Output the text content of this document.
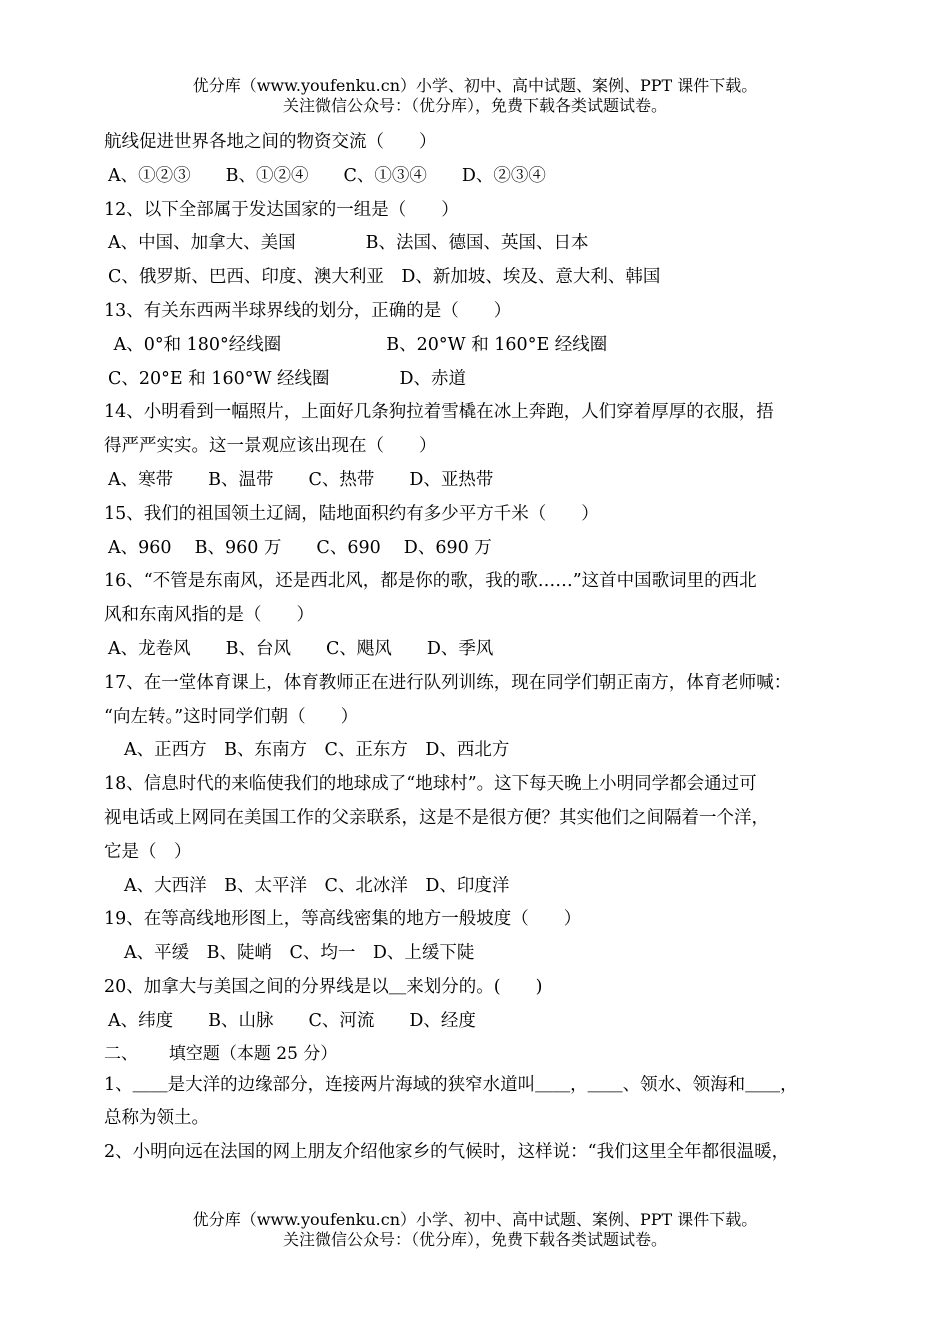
优分库（www.youfenku.cn）小学、初中、高中试题、案例、PPT 课件下载。
关注微信公众号：（优分库），免费下载各类试题试卷。
航线促进世界各地之间的物资交流（　　）
A、①②③　　B、①②④　　C、①③④　　D、②③④
12、以下全部属于发达国家的一组是（　　）
A、中国、加拿大、美国　　　　B、法国、德国、英国、日本
C、俄罗斯、巴西、印度、澳大利亚　D、新加坡、埃及、意大利、韩国
13、有关东西两半球界线的划分，正确的是（　　）
A、0°和 180°经线圈　　　　　　B、20°W 和 160°E 经线圈
C、20°E 和 160°W 经线圈　　　　D、赤道
14、小明看到一幅照片，上面好几条狗拉着雪橇在冰上奔跑，人们穿着厚厚的衣服，捂
得严严实实。这一景观应该出现在（　　）
A、寒带　　B、温带　　C、热带　　D、亚热带
15、我们的祖国领土辽阔，陆地面积约有多少平方千米（　　）
A、960　 B、960 万　　C、690　 D、690 万
16、“不管是东南风，还是西北风，都是你的歌，我的歌……”这首中国歌词里的西北
风和东南风指的是（　　）
A、龙卷风　　B、台风　　C、飓风　　D、季风
17、在一堂体育课上，体育教师正在进行队列训练，现在同学们朝正南方，体育老师喊：
“向左转。”这时同学们朝（　　）
A、正西方　B、东南方　C、正东方　D、西北方
18、信息时代的来临使我们的地球成了“地球村”。这下每天晚上小明同学都会通过可
视电话或上网同在美国工作的父亲联系，这是不是很方便？其实他们之间隔着一个洋，
它是（　）
A、大西洋　B、太平洋　C、北冰洋　D、印度洋
19、在等高线地形图上，等高线密集的地方一般坡度（　　）
A、平缓　B、陡峭　C、均一　D、上缓下陡
20、加拿大与美国之间的分界线是以＿来划分的。(　　)
A、纬度　　B、山脉　　C、河流　　D、经度
二、　　 填空题（本题 25 分）
1、＿＿是大洋的边缘部分，连接两片海域的狭窄水道叫＿＿，＿＿、领水、领海和＿＿，
总称为领土。
2、小明向远在法国的网上朋友介绍他家乡的气候时，这样说：“我们这里全年都很温暖，
优分库（www.youfenku.cn）小学、初中、高中试题、案例、PPT 课件下载。
关注微信公众号：（优分库），免费下载各类试题试卷。
